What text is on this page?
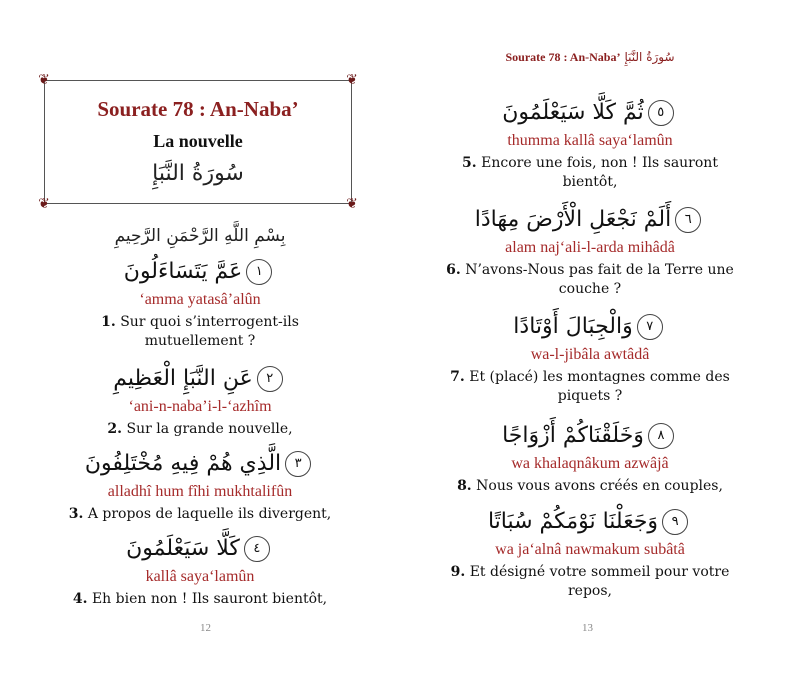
❦	❦
❦	❦
Sourate 78 : An-Naba’
La nouvelle
سُورَةُ النَّبَإِ
بِسْمِ اللَّهِ الرَّحْمَنِ الرَّحِيمِ
١عَمَّ يَتَسَاءَلُونَ
‘amma yatasâ’alûn
1. Sur quoi s’interrogent-ils mutuellement ?
٢عَنِ النَّبَإِ الْعَظِيمِ
‘ani-n-naba’i-l-‘azhîm
2. Sur la grande nouvelle,
٣الَّذِي هُمْ فِيهِ مُخْتَلِفُونَ
alladhî hum fîhi mukhtalifûn
3. A propos de laquelle ils divergent,
٤كَلَّا سَيَعْلَمُونَ
kallâ saya‘lamûn
4. Eh bien non ! Ils sauront bientôt,
12
Sourate 78 : An-Naba’ سُورَةُ النَّبَإِ
٥ثُمَّ كَلَّا سَيَعْلَمُونَ
thumma kallâ saya‘lamûn
5. Encore une fois, non ! Ils sauront bientôt,
٦أَلَمْ نَجْعَلِ الْأَرْضَ مِهَادًا
alam naj‘ali-l-arda mihâdâ
6. N’avons-Nous pas fait de la Terre une couche ?
٧وَالْجِبَالَ أَوْتَادًا
wa-l-jibâla awtâdâ
7. Et (placé) les montagnes comme des piquets ?
٨وَخَلَقْنَاكُمْ أَزْوَاجًا
wa khalaqnâkum azwâjâ
8. Nous vous avons créés en couples,
٩وَجَعَلْنَا نَوْمَكُمْ سُبَاتًا
wa ja‘alnâ nawmakum subâtâ
9. Et désigné votre sommeil pour votre repos,
13
